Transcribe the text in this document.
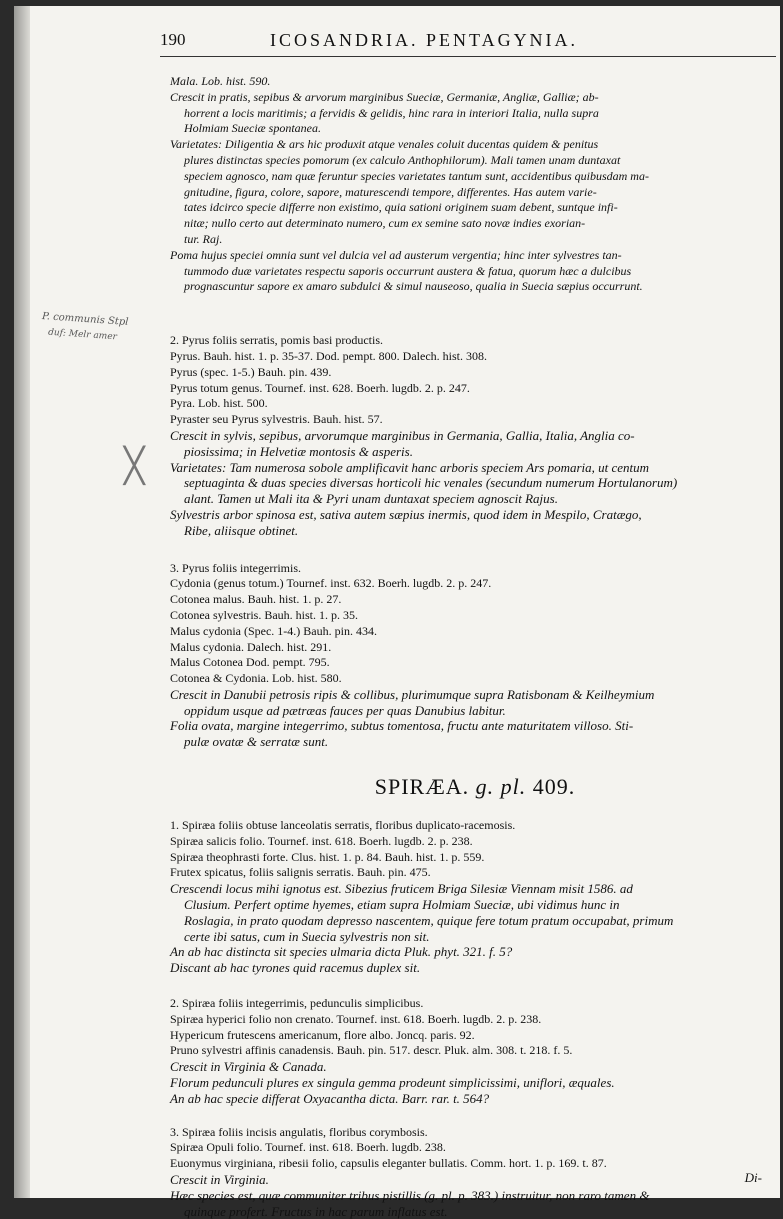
190	ICOSANDRIA. PENTAGYNIA.
P. communis Stpl
duf: Melr amer
╳
Mala. Lob. hist. 590.
Crescit in pratis, sepibus & arvorum marginibus Sueciæ, Germaniæ, Angliæ, Galliæ; ab-
horrent a locis maritimis; a fervidis & gelidis, hinc rara in interiori Italia, nulla supra
Holmiam Sueciæ spontanea.
Varietates: Diligentia & ars hic produxit atque venales coluit ducentas quidem & penitus
plures distinctas species pomorum (ex calculo Anthophilorum). Mali tamen unam duntaxat
speciem agnosco, nam quæ feruntur species varietates tantum sunt, accidentibus quibusdam ma-
gnitudine, figura, colore, sapore, maturescendi tempore, differentes. Has autem varie-
tates idcirco specie differre non existimo, quia sationi originem suam debent, suntque infi-
nitæ; nullo certo aut determinato numero, cum ex semine sato novæ indies exorian-
tur. Raj.
Poma hujus speciei omnia sunt vel dulcia vel ad austerum vergentia; hinc inter sylvestres tan-
tummodo duæ varietates respectu saporis occurrunt austera & fatua, quorum hæc a dulcibus
prognascuntur sapore ex amaro subdulci & simul nauseoso, qualia in Suecia sæpius occurrunt.
2. Pyrus foliis serratis, pomis basi productis.
Pyrus. Bauh. hist. 1. p. 35-37. Dod. pempt. 800. Dalech. hist. 308.
Pyrus (spec. 1-5.) Bauh. pin. 439.
Pyrus totum genus. Tournef. inst. 628. Boerh. lugdb. 2. p. 247.
Pyra. Lob. hist. 500.
Pyraster seu Pyrus sylvestris. Bauh. hist. 57.
Crescit in sylvis, sepibus, arvorumque marginibus in Germania, Gallia, Italia, Anglia co-
piosissima; in Helvetiæ montosis & asperis.
Varietates: Tam numerosa sobole amplificavit hanc arboris speciem Ars pomaria, ut centum
septuaginta & duas species diversas horticoli hic venales (secundum numerum Hortulanorum)
alant. Tamen ut Mali ita & Pyri unam duntaxat speciem agnoscit Rajus.
Sylvestris arbor spinosa est, sativa autem sæpius inermis, quod idem in Mespilo, Cratægo,
Ribe, aliisque obtinet.
3. Pyrus foliis integerrimis.
Cydonia (genus totum.) Tournef. inst. 632. Boerh. lugdb. 2. p. 247.
Cotonea malus. Bauh. hist. 1. p. 27.
Cotonea sylvestris. Bauh. hist. 1. p. 35.
Malus cydonia (Spec. 1-4.) Bauh. pin. 434.
Malus cydonia. Dalech. hist. 291.
Malus Cotonea Dod. pempt. 795.
Cotonea & Cydonia. Lob. hist. 580.
Crescit in Danubii petrosis ripis & collibus, plurimumque supra Ratisbonam & Keilheymium
oppidum usque ad pætræas fauces per quas Danubius labitur.
Folia ovata, margine integerrimo, subtus tomentosa, fructu ante maturitatem villoso. Sti-
pulæ ovatæ & serratæ sunt.
SPIRÆA. g. pl. 409.
1. Spiræa foliis obtuse lanceolatis serratis, floribus duplicato-racemosis.
Spiræa salicis folio. Tournef. inst. 618. Boerh. lugdb. 2. p. 238.
Spiræa theophrasti forte. Clus. hist. 1. p. 84. Bauh. hist. 1. p. 559.
Frutex spicatus, foliis salignis serratis. Bauh. pin. 475.
Crescendi locus mihi ignotus est. Sibezius fruticem Briga Silesiæ Viennam misit 1586. ad
Clusium. Perfert optime hyemes, etiam supra Holmiam Sueciæ, ubi vidimus hunc in
Roslagia, in prato quodam depresso nascentem, quique fere totum pratum occupabat, primum
certe ibi satus, cum in Suecia sylvestris non sit.
An ab hac distincta sit species ulmaria dicta Pluk. phyt. 321. f. 5?
Discant ab hac tyrones quid racemus duplex sit.
2. Spiræa foliis integerrimis, pedunculis simplicibus.
Spiræa hyperici folio non crenato. Tournef. inst. 618. Boerh. lugdb. 2. p. 238.
Hypericum frutescens americanum, flore albo. Joncq. paris. 92.
Pruno sylvestri affinis canadensis. Bauh. pin. 517. descr. Pluk. alm. 308. t. 218. f. 5.
Crescit in Virginia & Canada.
Florum pedunculi plures ex singula gemma prodeunt simplicissimi, uniflori, æquales.
An ab hac specie differat Oxyacantha dicta. Barr. rar. t. 564?
3. Spiræa foliis incisis angulatis, floribus corymbosis.
Spiræa Opuli folio. Tournef. inst. 618. Boerh. lugdb. 238.
Euonymus virginiana, ribesii folio, capsulis eleganter bullatis. Comm. hort. 1. p. 169. t. 87.
Crescit in Virginia.
Hæc species est, quæ communiter tribus pistillis (g. pl. p. 383.) instruitur, non raro tamen &
quinque profert. Fructus in hac parum inflatus est.
Di-
